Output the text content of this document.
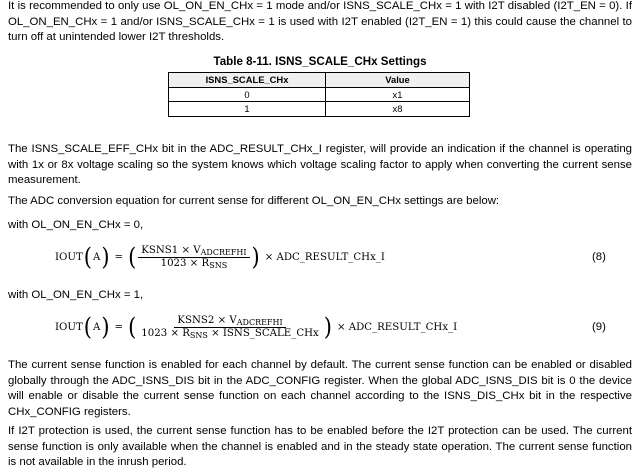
It is recommended to only use OL_ON_EN_CHx = 1 mode and/or ISNS_SCALE_CHx = 1 with I2T disabled (I2T_EN = 0). If OL_ON_EN_CHx = 1 and/or ISNS_SCALE_CHx = 1 is used with I2T enabled (I2T_EN = 1) this could cause the channel to turn off at unintended lower I2T thresholds.

Table 8-11. ISNS_SCALE_CHx Settings
ISNS_SCALE_CHx	Value
0	x1
1	x8

The ISNS_SCALE_EFF_CHx bit in the ADC_RESULT_CHx_I register, will provide an indication if the channel is operating with 1x or 8x voltage scaling so the system knows which voltage scaling factor to apply when converting the current sense measurement.

The ADC conversion equation for current sense for different OL_ON_EN_CHx settings are below:

with OL_ON_EN_CHx = 0,

IOUT ( A ) = ( $\frac{KSNS1 \times V_{ADCREFHI}}{1023 \times R_{SNS}}$ ) × ADC_RESULT_CHx_I	(8)

with OL_ON_EN_CHx = 1,

IOUT ( A ) = ( $\frac{KSNS2 \times V_{ADCREFHI}}{1023 \times R_{SNS} \times ISNS\_SCALE\_CHx}$ ) × ADC_RESULT_CHx_I	(9)

The current sense function is enabled for each channel by default. The current sense function can be enabled or disabled globally through the ADC_ISNS_DIS bit in the ADC_CONFIG register. When the global ADC_ISNS_DIS bit is 0 the device will enable or disable the current sense function on each channel according to the ISNS_DIS_CHx bit in the respective CHx_CONFIG registers.

If I2T protection is used, the current sense function has to be enabled before the I2T protection can be used. The current sense function is only available when the channel is enabled and in the steady state operation. The current sense function is not available in the inrush period.
